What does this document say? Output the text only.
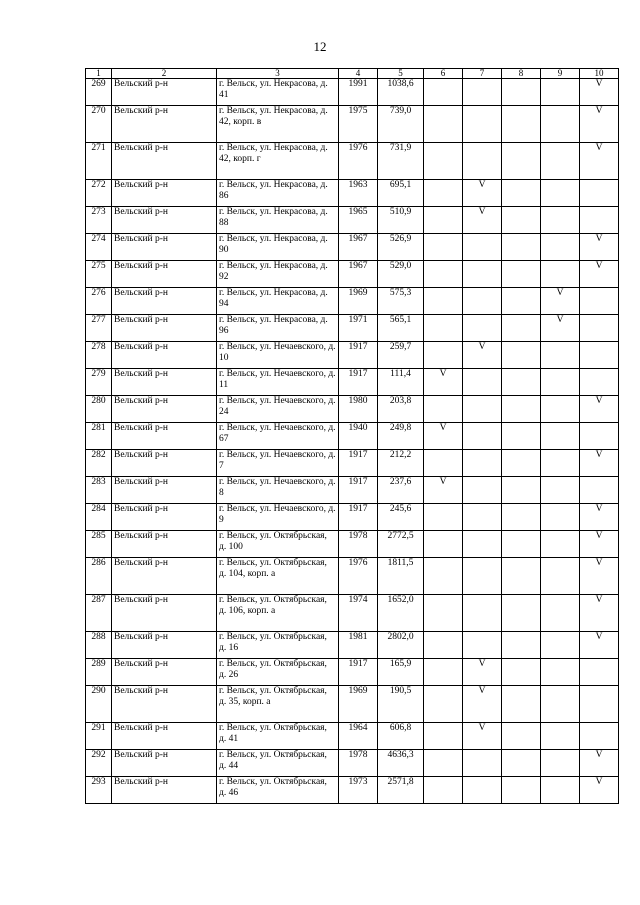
12
1	2	3	4	5	6	7	8	9	10
269	Вельский р-н	г. Вельск, ул. Некрасова, д. 41	1991	1038,6					V
270	Вельский р-н	г. Вельск, ул. Некрасова, д. 42, корп. в	1975	739,0					V
271	Вельский р-н	г. Вельск, ул. Некрасова, д. 42, корп. г	1976	731,9					V
272	Вельский р-н	г. Вельск, ул. Некрасова, д. 86	1963	695,1		V			
273	Вельский р-н	г. Вельск, ул. Некрасова, д. 88	1965	510,9		V			
274	Вельский р-н	г. Вельск, ул. Некрасова, д. 90	1967	526,9					V
275	Вельский р-н	г. Вельск, ул. Некрасова, д. 92	1967	529,0					V
276	Вельский р-н	г. Вельск, ул. Некрасова, д. 94	1969	575,3				V	
277	Вельский р-н	г. Вельск, ул. Некрасова, д. 96	1971	565,1				V	
278	Вельский р-н	г. Вельск, ул. Нечаевского, д. 10	1917	259,7		V			
279	Вельский р-н	г. Вельск, ул. Нечаевского, д. 11	1917	111,4	V				
280	Вельский р-н	г. Вельск, ул. Нечаевского, д. 24	1980	203,8					V
281	Вельский р-н	г. Вельск, ул. Нечаевского, д. 67	1940	249,8	V				
282	Вельский р-н	г. Вельск, ул. Нечаевского, д. 7	1917	212,2					V
283	Вельский р-н	г. Вельск, ул. Нечаевского, д. 8	1917	237,6	V				
284	Вельский р-н	г. Вельск, ул. Нечаевского, д. 9	1917	245,6					V
285	Вельский р-н	г. Вельск, ул. Октябрьская, д. 100	1978	2772,5					V
286	Вельский р-н	г. Вельск, ул. Октябрьская, д. 104, корп. а	1976	1811,5					V
287	Вельский р-н	г. Вельск, ул. Октябрьская, д. 106, корп. а	1974	1652,0					V
288	Вельский р-н	г. Вельск, ул. Октябрьская, д. 16	1981	2802,0					V
289	Вельский р-н	г. Вельск, ул. Октябрьская, д. 26	1917	165,9		V			
290	Вельский р-н	г. Вельск, ул. Октябрьская, д. 35, корп. а	1969	190,5		V			
291	Вельский р-н	г. Вельск, ул. Октябрьская, д. 41	1964	606,8		V			
292	Вельский р-н	г. Вельск, ул. Октябрьская, д. 44	1978	4636,3					V
293	Вельский р-н	г. Вельск, ул. Октябрьская, д. 46	1973	2571,8					V
